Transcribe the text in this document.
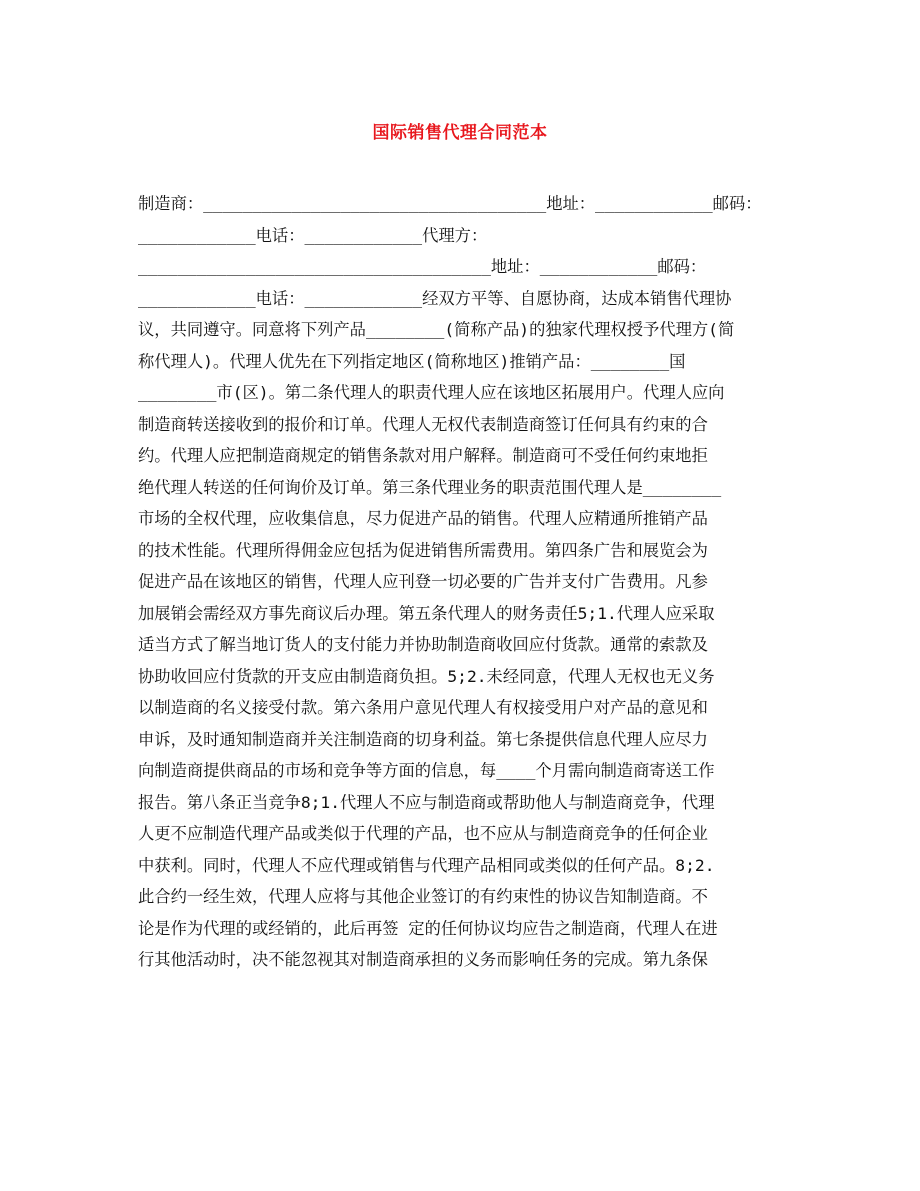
国际销售代理合同范本
制造商：___________________________________地址：____________邮码：
____________电话：____________代理方：
____________________________________地址：____________邮码：
____________电话：____________经双方平等、自愿协商，达成本销售代理协
议，共同遵守。同意将下列产品________(简称产品)的独家代理权授予代理方(简
称代理人)。代理人优先在下列指定地区(简称地区)推销产品：________国
________市(区)。第二条代理人的职责代理人应在该地区拓展用户。代理人应向
制造商转送接收到的报价和订单。代理人无权代表制造商签订任何具有约束的合
约。代理人应把制造商规定的销售条款对用户解释。制造商可不受任何约束地拒
绝代理人转送的任何询价及订单。第三条代理业务的职责范围代理人是________
市场的全权代理，应收集信息，尽力促进产品的销售。代理人应精通所推销产品
的技术性能。代理所得佣金应包括为促进销售所需费用。第四条广告和展览会为
促进产品在该地区的销售，代理人应刊登一切必要的广告并支付广告费用。凡参
加展销会需经双方事先商议后办理。第五条代理人的财务责任5;1.代理人应采取
适当方式了解当地订货人的支付能力并协助制造商收回应付货款。通常的索款及
协助收回应付货款的开支应由制造商负担。5;2.未经同意，代理人无权也无义务
以制造商的名义接受付款。第六条用户意见代理人有权接受用户对产品的意见和
申诉，及时通知制造商并关注制造商的切身利益。第七条提供信息代理人应尽力
向制造商提供商品的市场和竞争等方面的信息，每____个月需向制造商寄送工作
报告。第八条正当竞争8;1.代理人不应与制造商或帮助他人与制造商竞争，代理
人更不应制造代理产品或类似于代理的产品，也不应从与制造商竞争的任何企业
中获利。同时，代理人不应代理或销售与代理产品相同或类似的任何产品。8;2.
此合约一经生效，代理人应将与其他企业签订的有约束性的协议告知制造商。不
论是作为代理的或经销的，此后再签 定的任何协议均应告之制造商，代理人在进
行其他活动时，决不能忽视其对制造商承担的义务而影响任务的完成。第九条保
